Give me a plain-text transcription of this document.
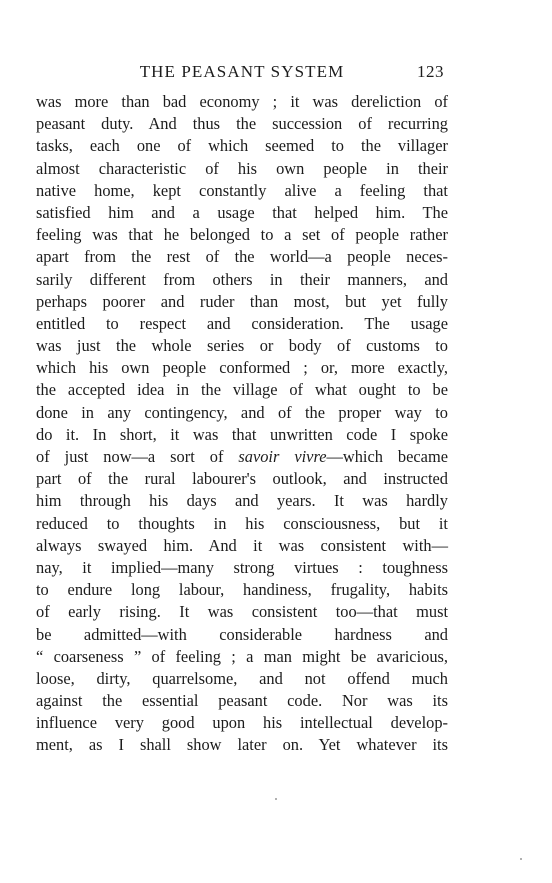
THE PEASANT SYSTEM	123
was more than bad economy ; it was dereliction of
peasant duty. And thus the succession of recurring
tasks, each one of which seemed to the villager
almost characteristic of his own people in their
native home, kept constantly alive a feeling that
satisfied him and a usage that helped him. The
feeling was that he belonged to a set of people rather
apart from the rest of the world—a people neces-
sarily different from others in their manners, and
perhaps poorer and ruder than most, but yet fully
entitled to respect and consideration. The usage
was just the whole series or body of customs to
which his own people conformed ; or, more exactly,
the accepted idea in the village of what ought to be
done in any contingency, and of the proper way to
do it. In short, it was that unwritten code I spoke
of just now—a sort of savoir vivre—which became
part of the rural labourer's outlook, and instructed
him through his days and years. It was hardly
reduced to thoughts in his consciousness, but it
always swayed him. And it was consistent with—
nay, it implied—many strong virtues : toughness
to endure long labour, handiness, frugality, habits
of early rising. It was consistent too—that must
be admitted—with considerable hardness and
“ coarseness ” of feeling ; a man might be avaricious,
loose, dirty, quarrelsome, and not offend much
against the essential peasant code. Nor was its
influence very good upon his intellectual develop-
ment, as I shall show later on. Yet whatever its
